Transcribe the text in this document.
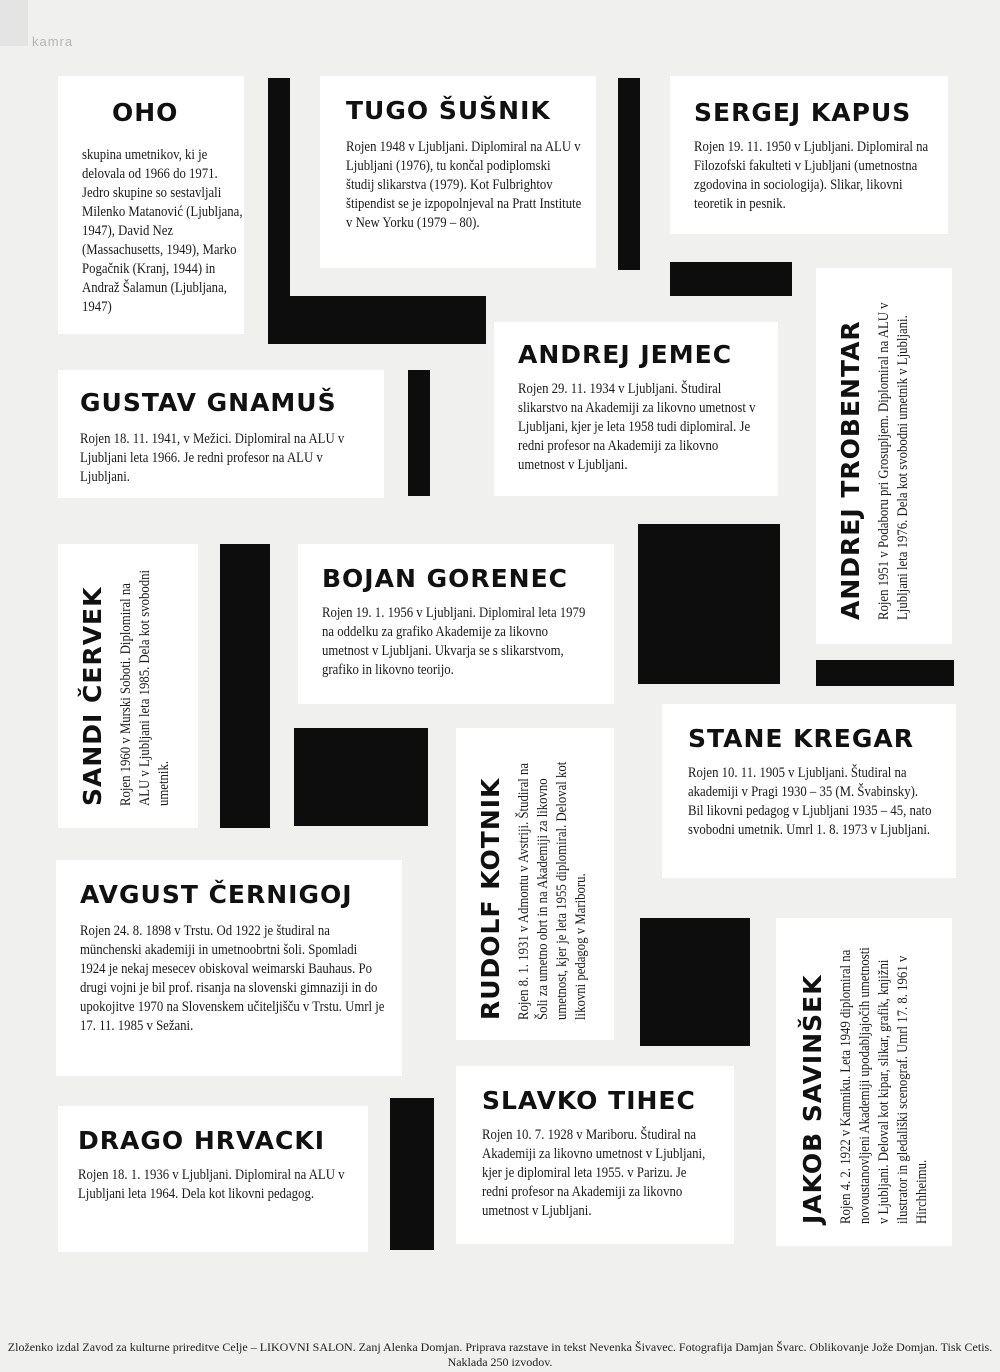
kamra
OHO
skupina umetnikov, ki je delovala od 1966 do 1971. Jedro skupine so sestavljali Milenko Matanović (Ljubljana, 1947), David Nez (Massachusetts, 1949), Marko Pogačnik (Kranj, 1944) in Andraž Šalamun (Ljubljana, 1947)
TUGO ŠUŠNIK
Rojen 1948 v Ljubljani. Diplomiral na ALU v Ljubljani (1976), tu končal podiplomski študij slikarstva (1979). Kot Fulbrightov štipendist se je izpopolnjeval na Pratt Institute v New Yorku (1979 – 80).
SERGEJ KAPUS
Rojen 19. 11. 1950 v Ljubljani. Diplomiral na Filozofski fakulteti v Ljubljani (umetnostna zgodovina in sociologija). Slikar, likovni teoretik in pesnik.
ANDREJ JEMEC
Rojen 29. 11. 1934 v Ljubljani. Študiral slikarstvo na Akademiji za likovno umetnost v Ljubljani, kjer je leta 1958 tudi diplomiral. Je redni profesor na Akademiji za likovno umetnost v Ljubljani.
GUSTAV GNAMUŠ
Rojen 18. 11. 1941, v Mežici. Diplomiral na ALU v Ljubljani leta 1966. Je redni profesor na ALU v Ljubljani.	ANDREJ TROBENTAR Rojen 1951 v Podaboru pri Grosupljem. Diplomiral na ALU v Ljubljani leta 1976. Dela kot svobodni umetnik v Ljubljani.
SANDI ČERVEK Rojen 1960 v Murski Soboti. Diplomiral na ALU v Ljubljani leta 1985. Dela kot svobodni umetnik.
BOJAN GORENEC
Rojen 19. 1. 1956 v Ljubljani. Diplomiral leta 1979 na oddelku za grafiko Akademije za likovno umetnost v Ljubljani. Ukvarja se s slikarstvom, grafiko in likovno teorijo.
RUDOLF KOTNIK Rojen 8. 1. 1931 v Admontu v Avstriji. Študiral na Šoli za umetno obrt in na Akademiji za likovno umetnost, kjer je leta 1955 diplomiral. Deloval kot likovni pedagog v Mariboru.
STANE KREGAR
Rojen 10. 11. 1905 v Ljubljani. Študiral na akademiji v Pragi 1930 – 35 (M. Švabinsky). Bil likovni pedagog v Ljubljani 1935 – 45, nato svobodni umetnik. Umrl 1. 8. 1973 v Ljubljani.
AVGUST ČERNIGOJ
Rojen 24. 8. 1898 v Trstu. Od 1922 je študiral na münchenski akademiji in umetnoobrtni šoli. Spomladi 1924 je nekaj mesecev obiskoval weimarski Bauhaus. Po drugi vojni je bil prof. risanja na slovenski gimnaziji in do upokojitve 1970 na Slovenskem učiteljišču v Trstu. Umrl je 17. 11. 1985 v Sežani.	JAKOB SAVINŠEK Rojen 4. 2. 1922 v Kamniku. Leta 1949 diplomiral na novoustanovljeni Akademiji upodabljajočih umetnosti v Ljubljani. Deloval kot kipar, slikar, grafik, knjižni ilustrator in gledališki scenograf. Umrl 17. 8. 1961 v Hirchheimu.
DRAGO HRVACKI
Rojen 18. 1. 1936 v Ljubljani. Diplomiral na ALU v Ljubljani leta 1964. Dela kot likovni pedagog.
SLAVKO TIHEC
Rojen 10. 7. 1928 v Mariboru. Študiral na Akademiji za likovno umetnost v Ljubljani, kjer je diplomiral leta 1955. v Parizu. Je redni profesor na Akademiji za likovno umetnost v Ljubljani.
Zloženko izdal Zavod za kulturne prireditve Celje – LIKOVNI SALON. Zanj Alenka Domjan. Priprava razstave in tekst Nevenka Šivavec. Fotografija Damjan Švarc. Oblikovanje Jože Domjan. Tisk Cetis. Naklada 250 izvodov.
